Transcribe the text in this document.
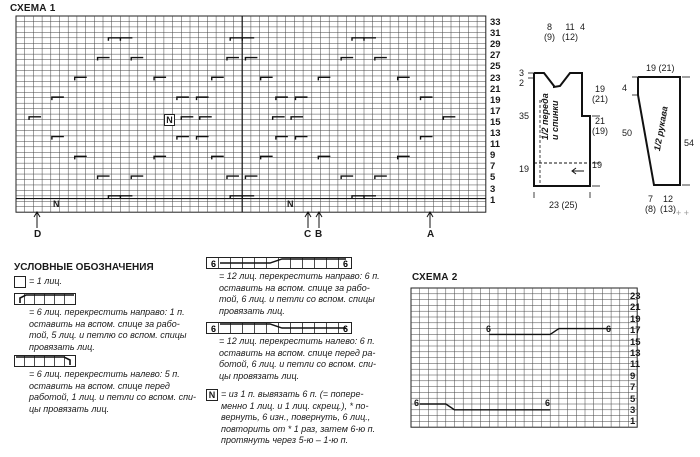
СХЕМА 1
33
31
29
27
25
23
21
19
17
15
13
11
9
7
5
3
1
N
N	N
D	C B	A
УСЛОВНЫЕ ОБОЗНАЧЕНИЯ
= 1 лиц.
= 6 лиц. перекрестить направо: 1 п.
оставить на вспом. спице за рабо-
той, 5 лиц. и петлю со вспом. спицы
провязать лиц.
= 6 лиц. перекрестить налево: 5 п.
оставить на вспом. спице перед
работой, 1 лиц. и петли со вспом. спи-
цы провязать лиц.
6	6
= 12 лиц. перекрестить направо: 6 п.
оставить на вспом. спице за рабо-
той, 6 лиц. и петли со вспом. спицы
провязать лиц.
6	6
= 12 лиц. перекрестить налево: 6 п.
оставить на вспом. спице перед ра-
ботой, 6 лиц. и петли со вспом. спи-
цы провязать лиц.
N = из 1 п. вывязать 6 п. (= попере-
менно 1 лиц. и 1 лиц. скрещ.), * по-
вернуть, 6 изн., повернуть, 6 лиц.,
повторить от * 1 раз, затем 6-ю п.
протянуть через 5-ю – 1-ю п.
СХЕМА 2
23
21
19
17
15
13
11
9
7
5
3
1
6	6
6	6
8
(9)
11
(12)
4
3
2
35
19
(21)
21
(19)
19	19
23 (25)
1/2 переда и спинки
19 (21)
4
50
54
7
(8)
12
(13)
1/2 рукава
+ +
